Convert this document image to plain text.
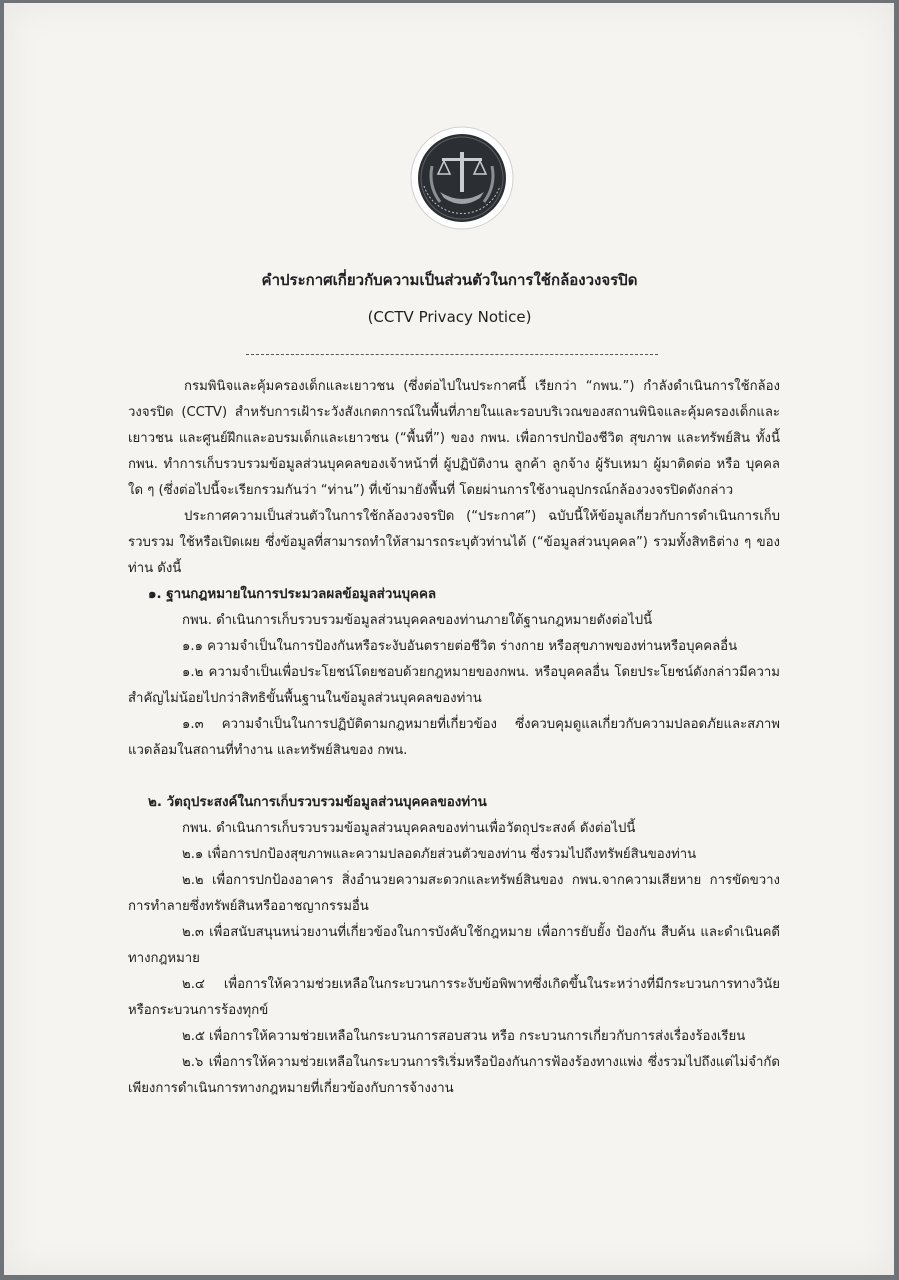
คำประกาศเกี่ยวกับความเป็นส่วนตัวในการใช้กล้องวงจรปิด
(CCTV Privacy Notice)

กรมพินิจและคุ้มครองเด็กและเยาวชน (ซึ่งต่อไปในประกาศนี้ เรียกว่า “กพน.”) กำลังดำเนินการใช้กล้องวงจรปิด (CCTV) สำหรับการเฝ้าระวังสังเกตการณ์ในพื้นที่ภายในและรอบบริเวณของสถานพินิจและคุ้มครองเด็กและเยาวชน และศูนย์ฝึกและอบรมเด็กและเยาวชน (“พื้นที่”) ของ กพน. เพื่อการปกป้องชีวิต สุขภาพ และทรัพย์สิน ทั้งนี้ กพน. ทำการเก็บรวบรวมข้อมูลส่วนบุคคลของเจ้าหน้าที่ ผู้ปฏิบัติงาน ลูกค้า ลูกจ้าง ผู้รับเหมา ผู้มาติดต่อ หรือ บุคคลใด ๆ (ซึ่งต่อไปนี้จะเรียกรวมกันว่า “ท่าน”) ที่เข้ามายังพื้นที่ โดยผ่านการใช้งานอุปกรณ์กล้องวงจรปิดดังกล่าว

ประกาศความเป็นส่วนตัวในการใช้กล้องวงจรปิด (“ประกาศ”) ฉบับนี้ให้ข้อมูลเกี่ยวกับการดำเนินการเก็บรวบรวม ใช้หรือเปิดเผย ซึ่งข้อมูลที่สามารถทำให้สามารถระบุตัวท่านได้ (“ข้อมูลส่วนบุคคล”) รวมทั้งสิทธิต่าง ๆ ของท่าน ดังนี้

๑. ฐานกฎหมายในการประมวลผลข้อมูลส่วนบุคคล

กพน. ดำเนินการเก็บรวบรวมข้อมูลส่วนบุคคลของท่านภายใต้ฐานกฎหมายดังต่อไปนี้

๑.๑ ความจำเป็นในการป้องกันหรือระงับอันตรายต่อชีวิต ร่างกาย หรือสุขภาพของท่านหรือบุคคลอื่น

๑.๒ ความจำเป็นเพื่อประโยชน์โดยชอบด้วยกฎหมายของกพน. หรือบุคคลอื่น โดยประโยชน์ดังกล่าวมีความสำคัญไม่น้อยไปกว่าสิทธิขั้นพื้นฐานในข้อมูลส่วนบุคคลของท่าน

๑.๓ ความจำเป็นในการปฏิบัติตามกฎหมายที่เกี่ยวข้อง ซึ่งควบคุมดูแลเกี่ยวกับความปลอดภัยและสภาพแวดล้อมในสถานที่ทำงาน และทรัพย์สินของ กพน.

๒. วัตถุประสงค์ในการเก็บรวบรวมข้อมูลส่วนบุคคลของท่าน

กพน. ดำเนินการเก็บรวบรวมข้อมูลส่วนบุคคลของท่านเพื่อวัตถุประสงค์ ดังต่อไปนี้

๒.๑ เพื่อการปกป้องสุขภาพและความปลอดภัยส่วนตัวของท่าน ซึ่งรวมไปถึงทรัพย์สินของท่าน

๒.๒ เพื่อการปกป้องอาคาร สิ่งอำนวยความสะดวกและทรัพย์สินของ กพน.จากความเสียหาย การขัดขวาง การทำลายซึ่งทรัพย์สินหรืออาชญากรรมอื่น

๒.๓ เพื่อสนับสนุนหน่วยงานที่เกี่ยวข้องในการบังคับใช้กฎหมาย เพื่อการยับยั้ง ป้องกัน สืบค้น และดำเนินคดีทางกฎหมาย

๒.๔ เพื่อการให้ความช่วยเหลือในกระบวนการระงับข้อพิพาทซึ่งเกิดขึ้นในระหว่างที่มีกระบวนการทางวินัยหรือกระบวนการร้องทุกข์

๒.๕ เพื่อการให้ความช่วยเหลือในกระบวนการสอบสวน หรือ กระบวนการเกี่ยวกับการส่งเรื่องร้องเรียน

๒.๖ เพื่อการให้ความช่วยเหลือในกระบวนการริเริ่มหรือป้องกันการฟ้องร้องทางแพ่ง ซึ่งรวมไปถึงแต่ไม่จำกัดเพียงการดำเนินการทางกฎหมายที่เกี่ยวข้องกับการจ้างงาน
